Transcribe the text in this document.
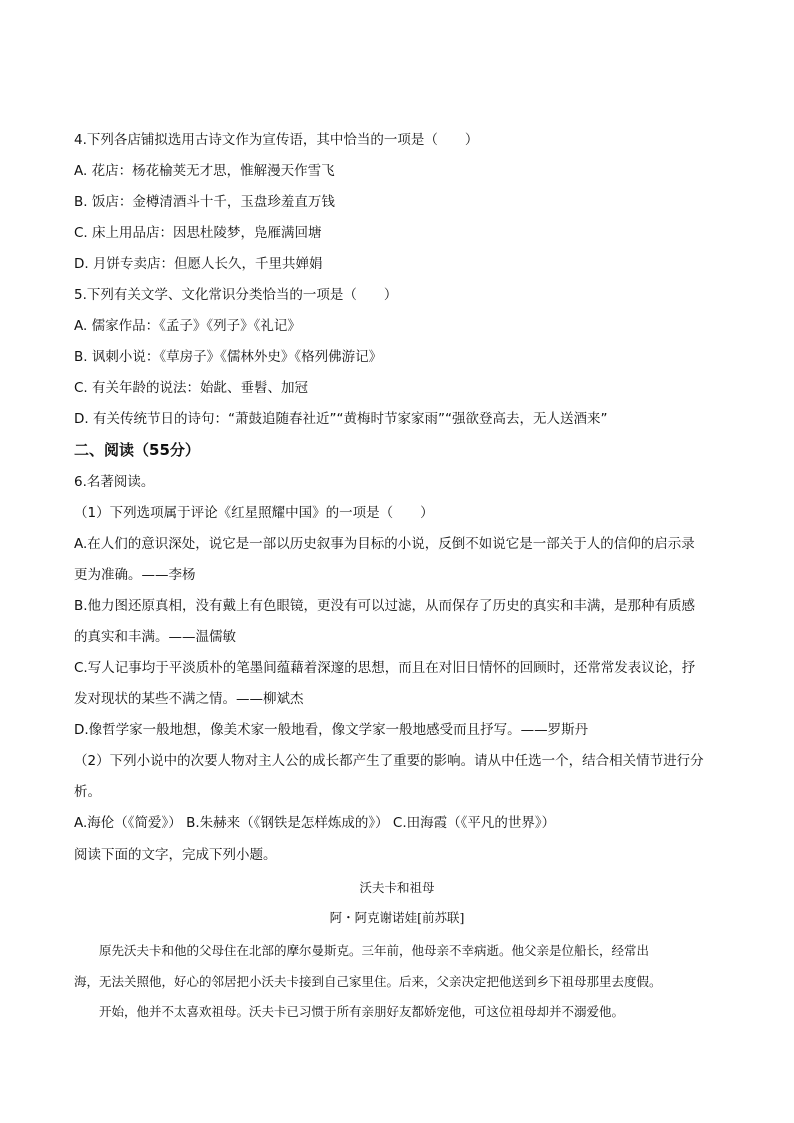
4.下列各店铺拟选用古诗文作为宣传语，其中恰当的一项是（　　）
A. 花店：杨花榆荚无才思，惟解漫天作雪飞
B. 饭店：金樽清酒斗十千，玉盘珍羞直万钱
C. 床上用品店：因思杜陵梦，凫雁满回塘
D. 月饼专卖店：但愿人长久，千里共婵娟
5.下列有关文学、文化常识分类恰当的一项是（　　）
A. 儒家作品：《孟子》《列子》《礼记》
B. 讽刺小说：《草房子》《儒林外史》《格列佛游记》
C. 有关年龄的说法：始龀、垂髫、加冠
D. 有关传统节日的诗句：“萧鼓追随春社近”“黄梅时节家家雨”“强欲登高去，无人送酒来”
二、阅读（55分）
6.名著阅读。
（1）下列选项属于评论《红星照耀中国》的一项是（　　）
A.在人们的意识深处，说它是一部以历史叙事为目标的小说，反倒不如说它是一部关于人的信仰的启示录
更为准确。——李杨
B.他力图还原真相，没有戴上有色眼镜，更没有可以过滤，从而保存了历史的真实和丰满，是那种有质感
的真实和丰满。——温儒敏
C.写人记事均于平淡质朴的笔墨间蕴藉着深邃的思想，而且在对旧日情怀的回顾时，还常常发表议论，抒
发对现状的某些不满之情。——柳斌杰
D.像哲学家一般地想，像美术家一般地看，像文学家一般地感受而且抒写。——罗斯丹
（2）下列小说中的次要人物对主人公的成长都产生了重要的影响。请从中任选一个，结合相关情节进行分
析。
A.海伦（《简爱》） B.朱赫来（《钢铁是怎样炼成的》） C.田海霞（《平凡的世界》）
阅读下面的文字，完成下列小题。
沃夫卡和祖母
阿・阿克谢诺娃[前苏联]
　　原先沃夫卡和他的父母住在北部的摩尔曼斯克。三年前，他母亲不幸病逝。他父亲是位船长，经常出
海，无法关照他，好心的邻居把小沃夫卡接到自己家里住。后来，父亲决定把他送到乡下祖母那里去度假。
　　开始，他并不太喜欢祖母。沃夫卡已习惯于所有亲朋好友都娇宠他，可这位祖母却并不溺爱他。
